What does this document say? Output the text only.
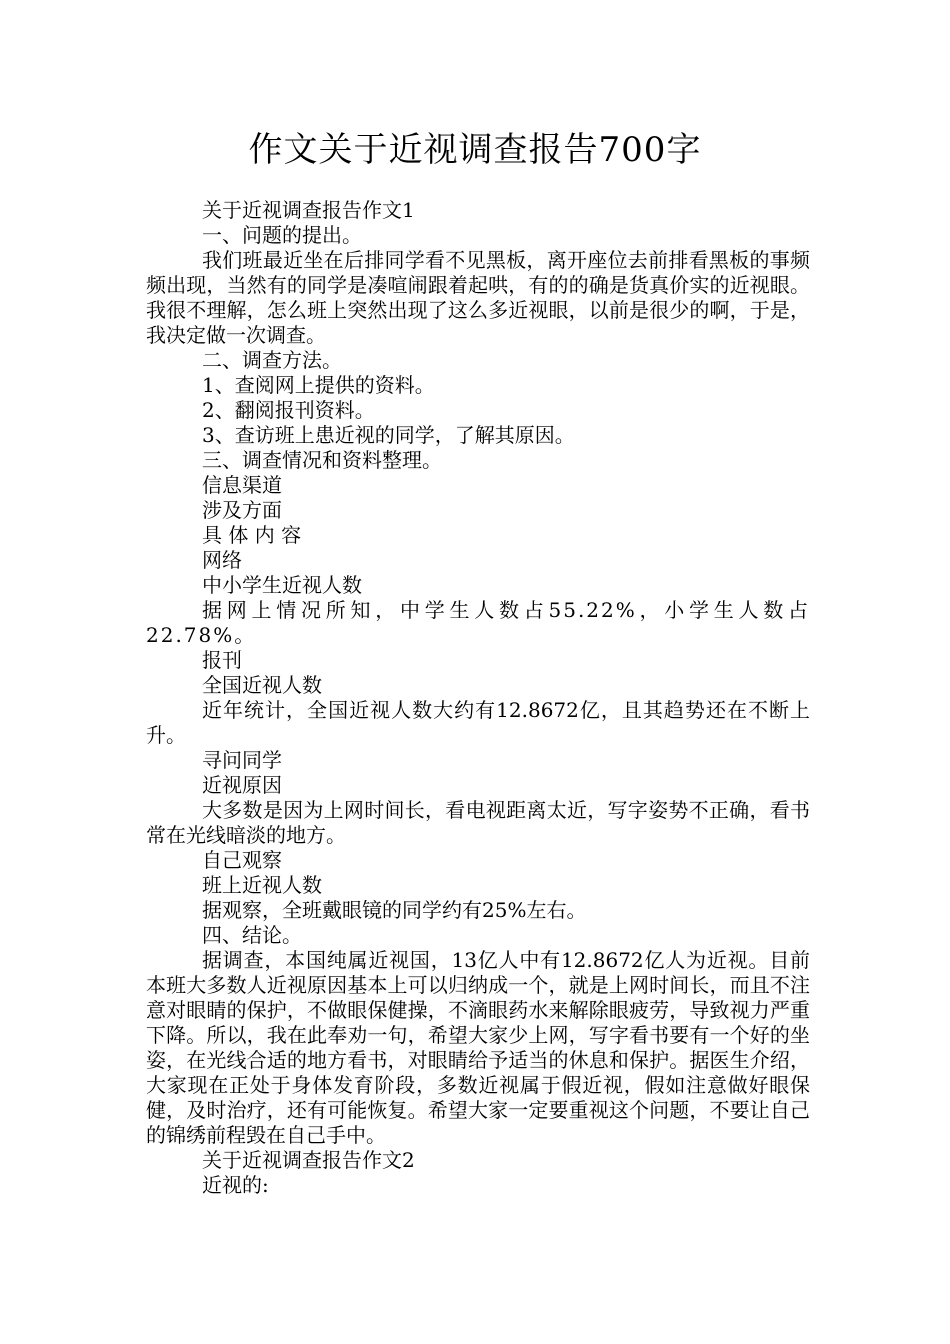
作文关于近视调查报告700字

关于近视调查报告作文1

一、问题的提出。

我们班最近坐在后排同学看不见黑板，离开座位去前排看黑板的事频频出现，当然有的同学是凑喧闹跟着起哄，有的的确是货真价实的近视眼。我很不理解，怎么班上突然出现了这么多近视眼，以前是很少的啊，于是，我决定做一次调查。

二、调查方法。

1、查阅网上提供的资料。

2、翻阅报刊资料。

3、查访班上患近视的同学，了解其原因。

三、调查情况和资料整理。

信息渠道

涉及方面

具 体 内 容

网络

中小学生近视人数

据网上情况所知，中学生人数占55.22%，小学生人数占22.78%。

报刊

全国近视人数

近年统计，全国近视人数大约有12.8672亿，且其趋势还在不断上升。

寻问同学

近视原因

大多数是因为上网时间长，看电视距离太近，写字姿势不正确，看书常在光线暗淡的地方。

自己观察

班上近视人数

据观察，全班戴眼镜的同学约有25%左右。

四、结论。

据调查，本国纯属近视国，13亿人中有12.8672亿人为近视。目前本班大多数人近视原因基本上可以归纳成一个，就是上网时间长，而且不注意对眼睛的保护，不做眼保健操，不滴眼药水来解除眼疲劳，导致视力严重下降。所以，我在此奉劝一句，希望大家少上网，写字看书要有一个好的坐姿，在光线合适的地方看书，对眼睛给予适当的休息和保护。据医生介绍，大家现在正处于身体发育阶段，多数近视属于假近视，假如注意做好眼保健，及时治疗，还有可能恢复。希望大家一定要重视这个问题，不要让自己的锦绣前程毁在自己手中。

关于近视调查报告作文2

近视的:
